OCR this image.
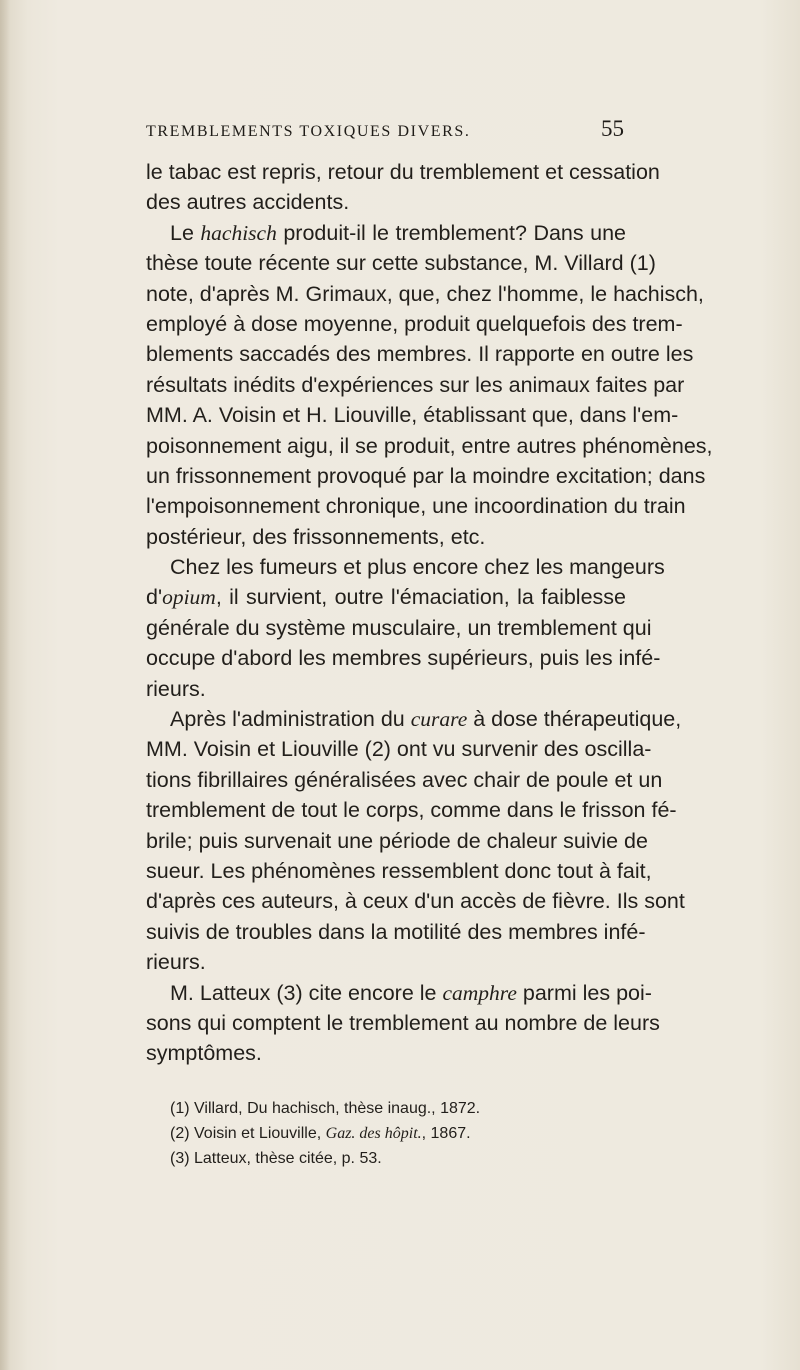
TREMBLEMENTS TOXIQUES DIVERS.	55
le tabac est repris, retour du tremblement et cessation
des autres accidents.
Le hachisch produit-il le tremblement? Dans une
thèse toute récente sur cette substance, M. Villard (1)
note, d'après M. Grimaux, que, chez l'homme, le hachisch,
employé à dose moyenne, produit quelquefois des trem-
blements saccadés des membres. Il rapporte en outre les
résultats inédits d'expériences sur les animaux faites par
MM. A. Voisin et H. Liouville, établissant que, dans l'em-
poisonnement aigu, il se produit, entre autres phénomènes,
un frissonnement provoqué par la moindre excitation; dans
l'empoisonnement chronique, une incoordination du train
postérieur, des frissonnements, etc.
Chez les fumeurs et plus encore chez les mangeurs
d'opium, il survient, outre l'émaciation, la faiblesse
générale du système musculaire, un tremblement qui
occupe d'abord les membres supérieurs, puis les infé-
rieurs.
Après l'administration du curare à dose thérapeutique,
MM. Voisin et Liouville (2) ont vu survenir des oscilla-
tions fibrillaires généralisées avec chair de poule et un
tremblement de tout le corps, comme dans le frisson fé-
brile; puis survenait une période de chaleur suivie de
sueur. Les phénomènes ressemblent donc tout à fait,
d'après ces auteurs, à ceux d'un accès de fièvre. Ils sont
suivis de troubles dans la motilité des membres infé-
rieurs.
M. Latteux (3) cite encore le camphre parmi les poi-
sons qui comptent le tremblement au nombre de leurs
symptômes.
(1) Villard, Du hachisch, thèse inaug., 1872.
(2) Voisin et Liouville, Gaz. des hôpit., 1867.
(3) Latteux, thèse citée, p. 53.
